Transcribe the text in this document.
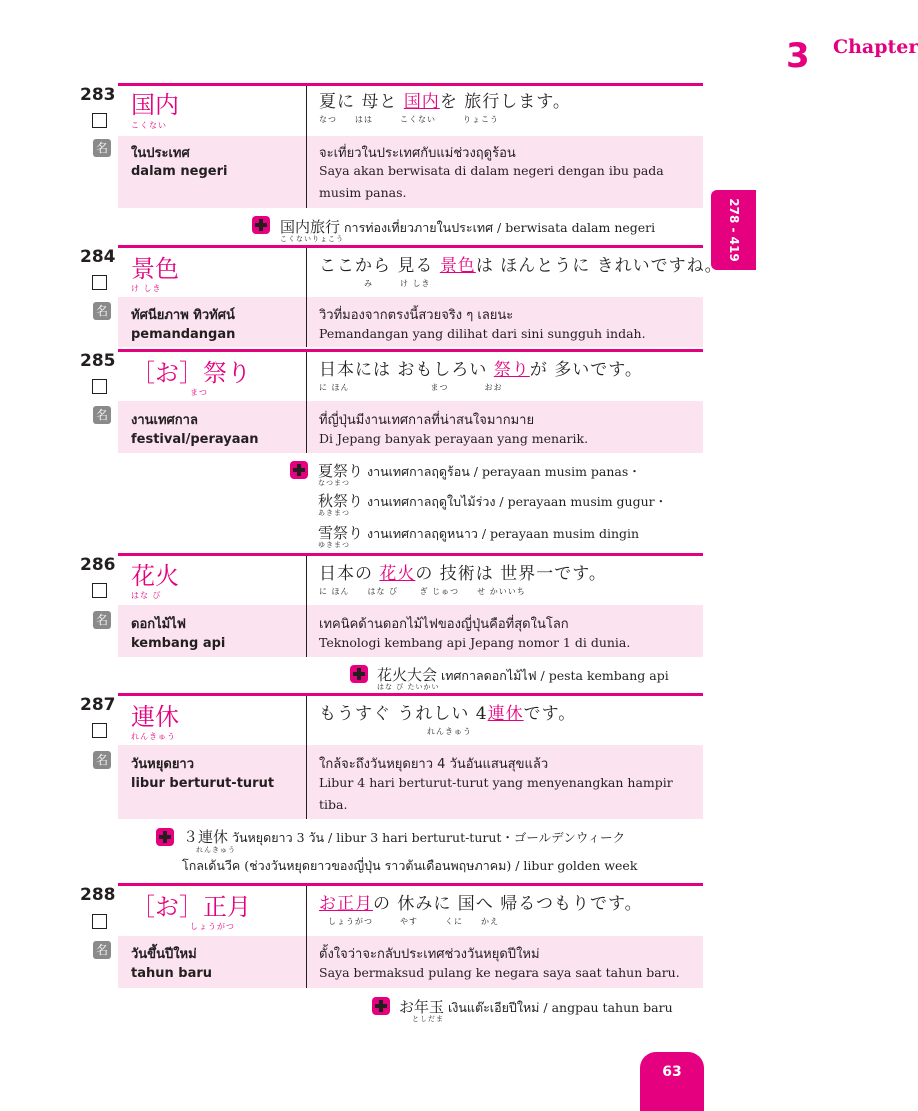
Chapter
3
278 - 419
63
283
名
国内
こくない
夏に 母と 国内を 旅行します。
なつ　　はは　　　こくない　　　りょこう
ในประเทศ
dalam negeri
จะเที่ยวในประเทศกับแม่ช่วงฤดูร้อน
Saya akan berwisata di dalam negeri dengan ibu pada musim panas.
国内旅行 การท่องเที่ยวภายในประเทศ / berwisata dalam negeri
こくないりょこう
284
名
景色
け しき
ここから 見る 景色は ほんとうに きれいですね。
　　　　　み　　　け しき
ทัศนียภาพ ทิวทัศน์
pemandangan
วิวที่มองจากตรงนี้สวยจริง ๆ เลยนะ
Pemandangan yang dilihat dari sini sungguh indah.
285
名
［お］祭り
まつ
日本には おもしろい 祭りが 多いです。
に ほん　　　　　　　　　まつ　　　　おお
งานเทศกาล
festival/perayaan
ที่ญี่ปุ่นมีงานเทศกาลที่น่าสนใจมากมาย
Di Jepang banyak perayaan yang menarik.
夏祭り งานเทศกาลฤดูร้อน / perayaan musim panas・
なつまつ
秋祭り งานเทศกาลฤดูใบไม้ร่วง / perayaan musim gugur・
あきまつ
雪祭り งานเทศกาลฤดูหนาว / perayaan musim dingin
ゆきまつ
286
名
花火
はな び
日本の 花火の 技術は 世界一です。
に ほん　　はな び　　 ぎ じゅつ　　せ かいいち
ดอกไม้ไฟ
kembang api
เทคนิคด้านดอกไม้ไฟของญี่ปุ่นคือที่สุดในโลก
Teknologi kembang api Jepang nomor 1 di dunia.
花火大会 เทศกาลดอกไม้ไฟ / pesta kembang api
はな び たいかい
287
名
連休
れんきゅう
もうすぐ うれしい 4連休です。
　　　　　　　　　　　　れんきゅう
วันหยุดยาว
libur berturut-turut
ใกล้จะถึงวันหยุดยาว 4 วันอันแสนสุขแล้ว
Libur 4 hari berturut-turut yang menyenangkan hampir tiba.
３連休 วันหยุดยาว 3 วัน / libur 3 hari berturut-turut・ゴールデンウィーク
れんきゅう
โกลเด้นวีค (ช่วงวันหยุดยาวของญี่ปุ่น ราวต้นเดือนพฤษภาคม) / libur golden week
288
名
［お］正月
しょうがつ
お正月の 休みに 国へ 帰るつもりです。
　しょうがつ　　　やす　　　くに　　かえ
วันขึ้นปีใหม่
tahun baru
ตั้งใจว่าจะกลับประเทศช่วงวันหยุดปีใหม่
Saya bermaksud pulang ke negara saya saat tahun baru.
お年玉 เงินแต๊ะเอียปีใหม่ / angpau tahun baru
としだま
